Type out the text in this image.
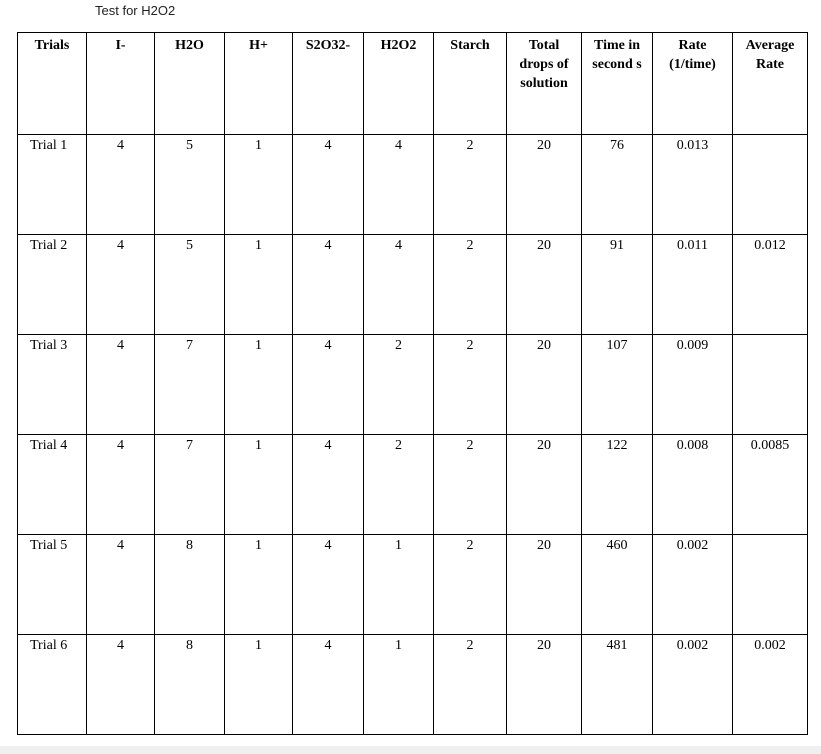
Test for H2O2
Trials	I-	H2O	H+	S2O32-	H2O2	Starch	Total drops of solution	Time in second s	Rate (1/time)	Average Rate
Trial 1	4	5	1	4	4	2	20	76	0.013	
Trial 2	4	5	1	4	4	2	20	91	0.011	0.012
Trial 3	4	7	1	4	2	2	20	107	0.009	
Trial 4	4	7	1	4	2	2	20	122	0.008	0.0085
Trial 5	4	8	1	4	1	2	20	460	0.002	
Trial 6	4	8	1	4	1	2	20	481	0.002	0.002
